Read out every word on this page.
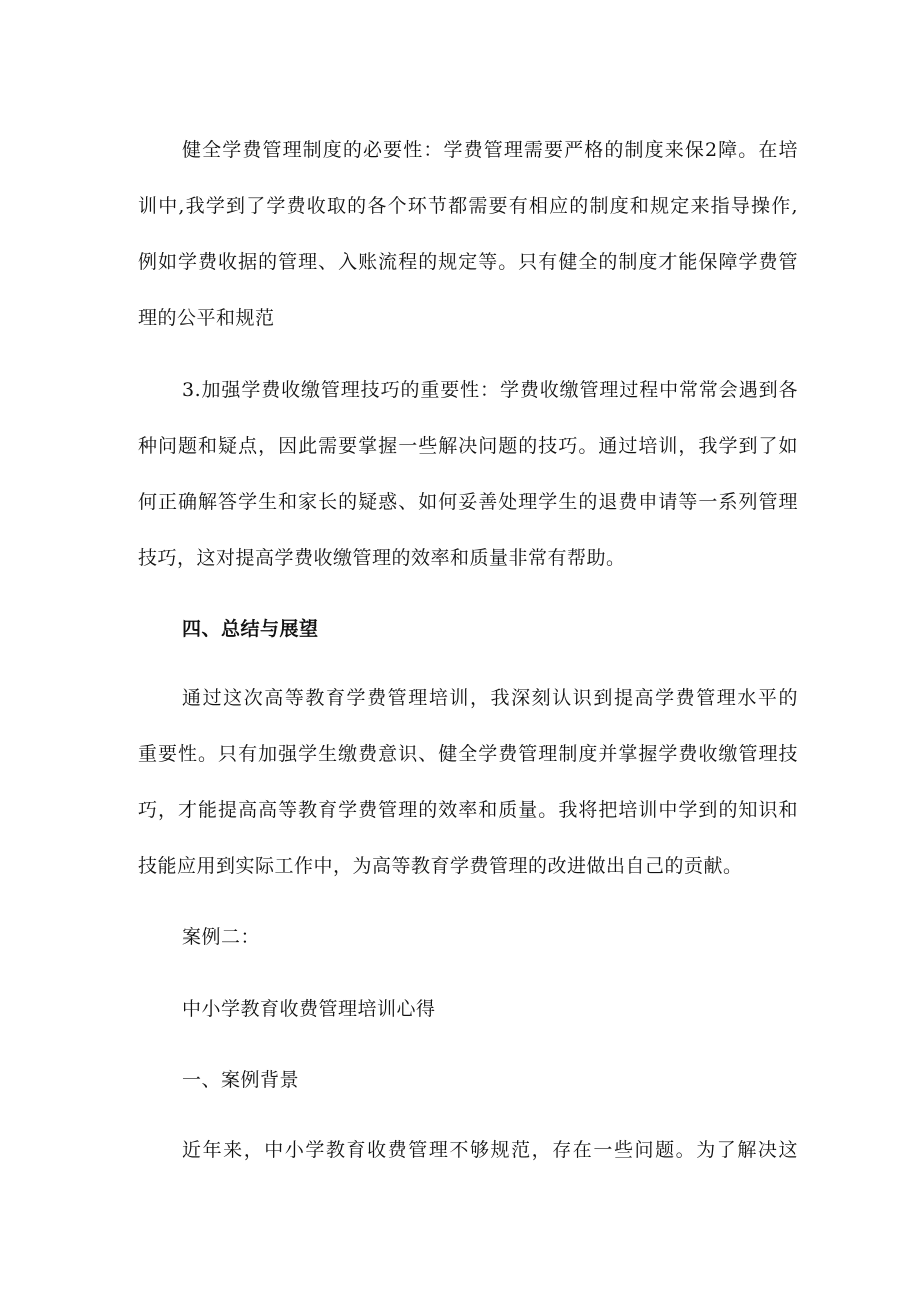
健全学费管理制度的必要性：学费管理需要严格的制度来保2障。在培
训中,我学到了学费收取的各个环节都需要有相应的制度和规定来指导操作,
例如学费收据的管理、入账流程的规定等。只有健全的制度才能保障学费管
理的公平和规范
3.加强学费收缴管理技巧的重要性：学费收缴管理过程中常常会遇到各
种问题和疑点，因此需要掌握一些解决问题的技巧。通过培训，我学到了如
何正确解答学生和家长的疑惑、如何妥善处理学生的退费申请等一系列管理
技巧，这对提高学费收缴管理的效率和质量非常有帮助。
四、总结与展望
通过这次高等教育学费管理培训，我深刻认识到提高学费管理水平的
重要性。只有加强学生缴费意识、健全学费管理制度并掌握学费收缴管理技
巧，才能提高高等教育学费管理的效率和质量。我将把培训中学到的知识和
技能应用到实际工作中，为高等教育学费管理的改进做出自己的贡献。
案例二：
中小学教育收费管理培训心得
一、案例背景
近年来，中小学教育收费管理不够规范，存在一些问题。为了解决这
